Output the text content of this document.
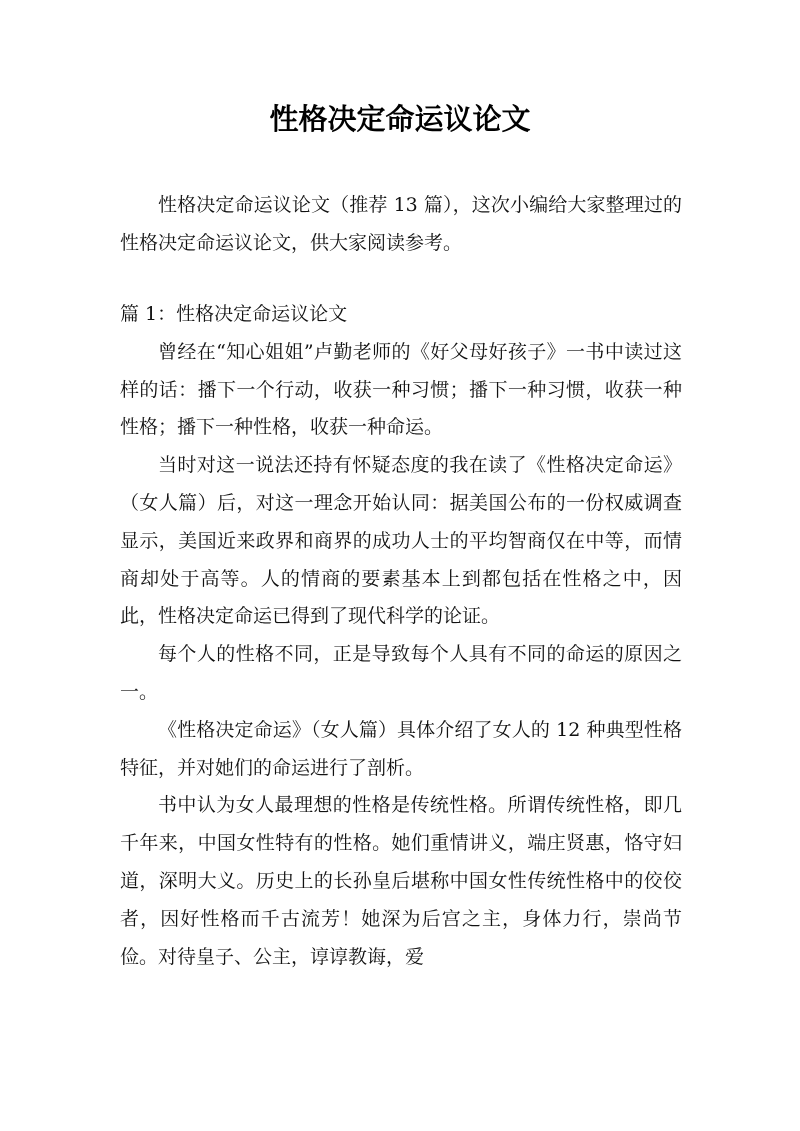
性格决定命运议论文

性格决定命运议论文（推荐 13 篇），这次小编给大家整理过的性格决定命运议论文，供大家阅读参考。

篇 1：性格决定命运议论文

曾经在“知心姐姐”卢勤老师的《好父母好孩子》一书中读过这样的话：播下一个行动，收获一种习惯；播下一种习惯，收获一种性格；播下一种性格，收获一种命运。

当时对这一说法还持有怀疑态度的我在读了《性格决定命运》（女人篇）后，对这一理念开始认同：据美国公布的一份权威调查显示，美国近来政界和商界的成功人士的平均智商仅在中等，而情商却处于高等。人的情商的要素基本上到都包括在性格之中，因此，性格决定命运已得到了现代科学的论证。

每个人的性格不同，正是导致每个人具有不同的命运的原因之一。

《性格决定命运》（女人篇）具体介绍了女人的 12 种典型性格特征，并对她们的命运进行了剖析。

书中认为女人最理想的性格是传统性格。所谓传统性格，即几千年来，中国女性特有的性格。她们重情讲义，端庄贤惠，恪守妇道，深明大义。历史上的长孙皇后堪称中国女性传统性格中的佼佼者，因好性格而千古流芳！她深为后宫之主，身体力行，崇尚节俭。对待皇子、公主，谆谆教诲，爱
